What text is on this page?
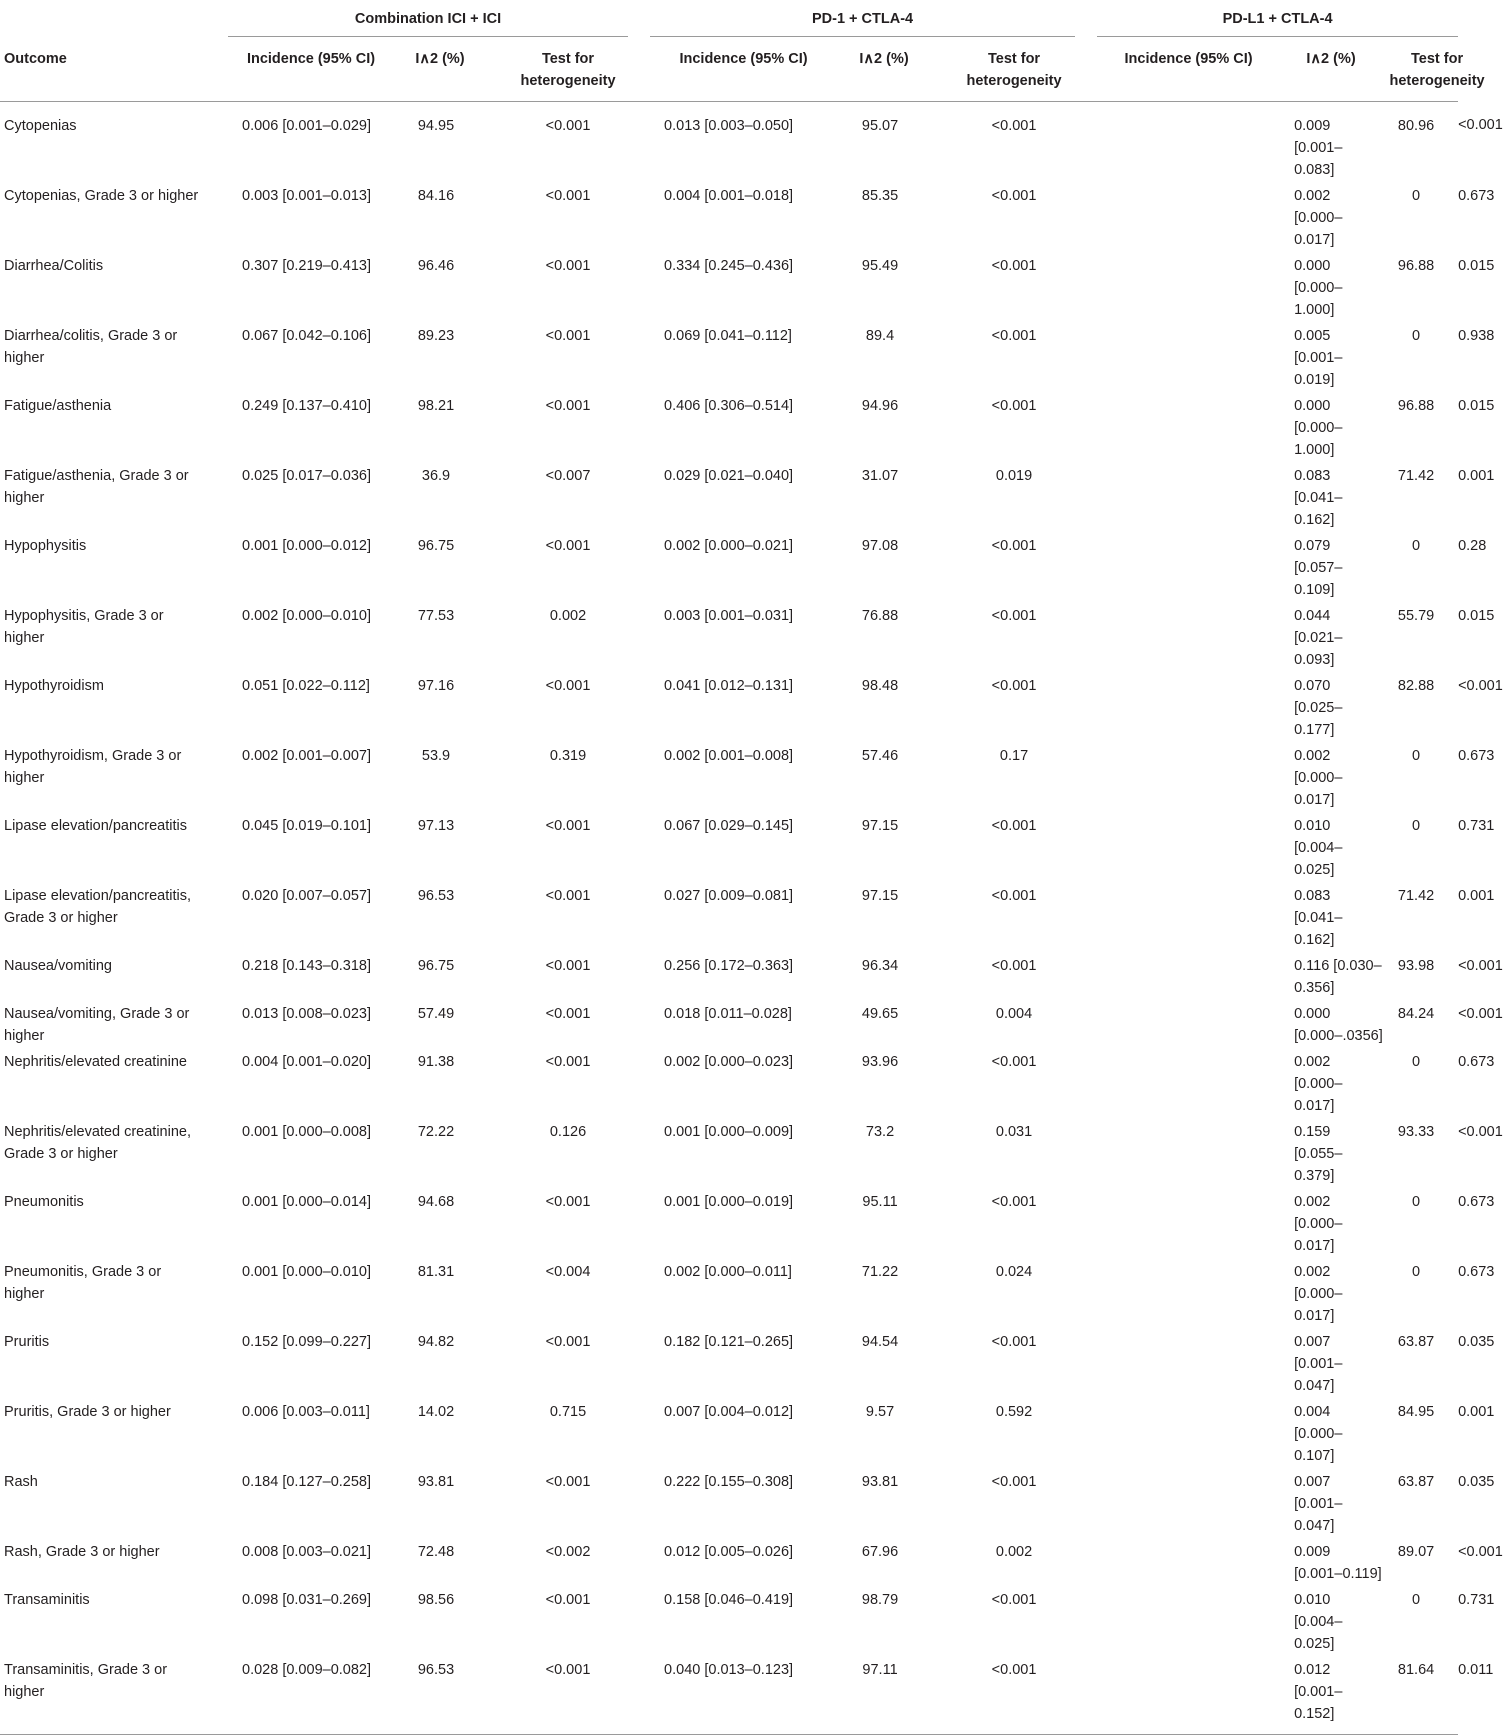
	Combination ICI + ICI			PD-1 + CTLA-4			PD-L1 + CTLA-4			

Outcome	Incidence (95% CI)	I∧2 (%)	Test for heterogeneity	Incidence (95% CI)	I∧2 (%)	Test for heterogeneity	Incidence (95% CI)	I∧2 (%)	Test for heterogeneity	
Cytopenias	0.006 [0.001–0.029]	94.95	<0.001	0.013 [0.003–0.050]	95.07	<0.001		0.009 [0.001–0.083]	80.96	<0.001
Cytopenias, Grade 3 or higher	0.003 [0.001–0.013]	84.16	<0.001	0.004 [0.001–0.018]	85.35	<0.001		0.002 [0.000–0.017]	0	0.673
Diarrhea/Colitis	0.307 [0.219–0.413]	96.46	<0.001	0.334 [0.245–0.436]	95.49	<0.001		0.000 [0.000–1.000]	96.88	0.015
Diarrhea/colitis, Grade 3 or higher	0.067 [0.042–0.106]	89.23	<0.001	0.069 [0.041–0.112]	89.4	<0.001		0.005 [0.001–0.019]	0	0.938
Fatigue/asthenia	0.249 [0.137–0.410]	98.21	<0.001	0.406 [0.306–0.514]	94.96	<0.001		0.000 [0.000–1.000]	96.88	0.015
Fatigue/asthenia, Grade 3 or higher	0.025 [0.017–0.036]	36.9	<0.007	0.029 [0.021–0.040]	31.07	0.019		0.083 [0.041–0.162]	71.42	0.001
Hypophysitis	0.001 [0.000–0.012]	96.75	<0.001	0.002 [0.000–0.021]	97.08	<0.001		0.079 [0.057–0.109]	0	0.28
Hypophysitis, Grade 3 or higher	0.002 [0.000–0.010]	77.53	0.002	0.003 [0.001–0.031]	76.88	<0.001		0.044 [0.021–0.093]	55.79	0.015
Hypothyroidism	0.051 [0.022–0.112]	97.16	<0.001	0.041 [0.012–0.131]	98.48	<0.001		0.070 [0.025–0.177]	82.88	<0.001
Hypothyroidism, Grade 3 or higher	0.002 [0.001–0.007]	53.9	0.319	0.002 [0.001–0.008]	57.46	0.17		0.002 [0.000–0.017]	0	0.673
Lipase elevation/pancreatitis	0.045 [0.019–0.101]	97.13	<0.001	0.067 [0.029–0.145]	97.15	<0.001		0.010 [0.004–0.025]	0	0.731
Lipase elevation/pancreatitis, Grade 3 or higher	0.020 [0.007–0.057]	96.53	<0.001	0.027 [0.009–0.081]	97.15	<0.001		0.083 [0.041–0.162]	71.42	0.001
Nausea/vomiting	0.218 [0.143–0.318]	96.75	<0.001	0.256 [0.172–0.363]	96.34	<0.001		0.116 [0.030–0.356]	93.98	<0.001
Nausea/vomiting, Grade 3 or higher	0.013 [0.008–0.023]	57.49	<0.001	0.018 [0.011–0.028]	49.65	0.004		0.000 [0.000–.0356]	84.24	<0.001
Nephritis/elevated creatinine	0.004 [0.001–0.020]	91.38	<0.001	0.002 [0.000–0.023]	93.96	<0.001		0.002 [0.000–0.017]	0	0.673
Nephritis/elevated creatinine, Grade 3 or higher	0.001 [0.000–0.008]	72.22	0.126	0.001 [0.000–0.009]	73.2	0.031		0.159 [0.055–0.379]	93.33	<0.001
Pneumonitis	0.001 [0.000–0.014]	94.68	<0.001	0.001 [0.000–0.019]	95.11	<0.001		0.002 [0.000–0.017]	0	0.673
Pneumonitis, Grade 3 or higher	0.001 [0.000–0.010]	81.31	<0.004	0.002 [0.000–0.011]	71.22	0.024		0.002 [0.000–0.017]	0	0.673
Pruritis	0.152 [0.099–0.227]	94.82	<0.001	0.182 [0.121–0.265]	94.54	<0.001		0.007 [0.001–0.047]	63.87	0.035
Pruritis, Grade 3 or higher	0.006 [0.003–0.011]	14.02	0.715	0.007 [0.004–0.012]	9.57	0.592		0.004 [0.000–0.107]	84.95	0.001
Rash	0.184 [0.127–0.258]	93.81	<0.001	0.222 [0.155–0.308]	93.81	<0.001		0.007 [0.001–0.047]	63.87	0.035
Rash, Grade 3 or higher	0.008 [0.003–0.021]	72.48	<0.002	0.012 [0.005–0.026]	67.96	0.002		0.009 [0.001–0.119]	89.07	<0.001
Transaminitis	0.098 [0.031–0.269]	98.56	<0.001	0.158 [0.046–0.419]	98.79	<0.001		0.010 [0.004–0.025]	0	0.731
Transaminitis, Grade 3 or higher	0.028 [0.009–0.082]	96.53	<0.001	0.040 [0.013–0.123]	97.11	<0.001		0.012 [0.001–0.152]	81.64	0.011
